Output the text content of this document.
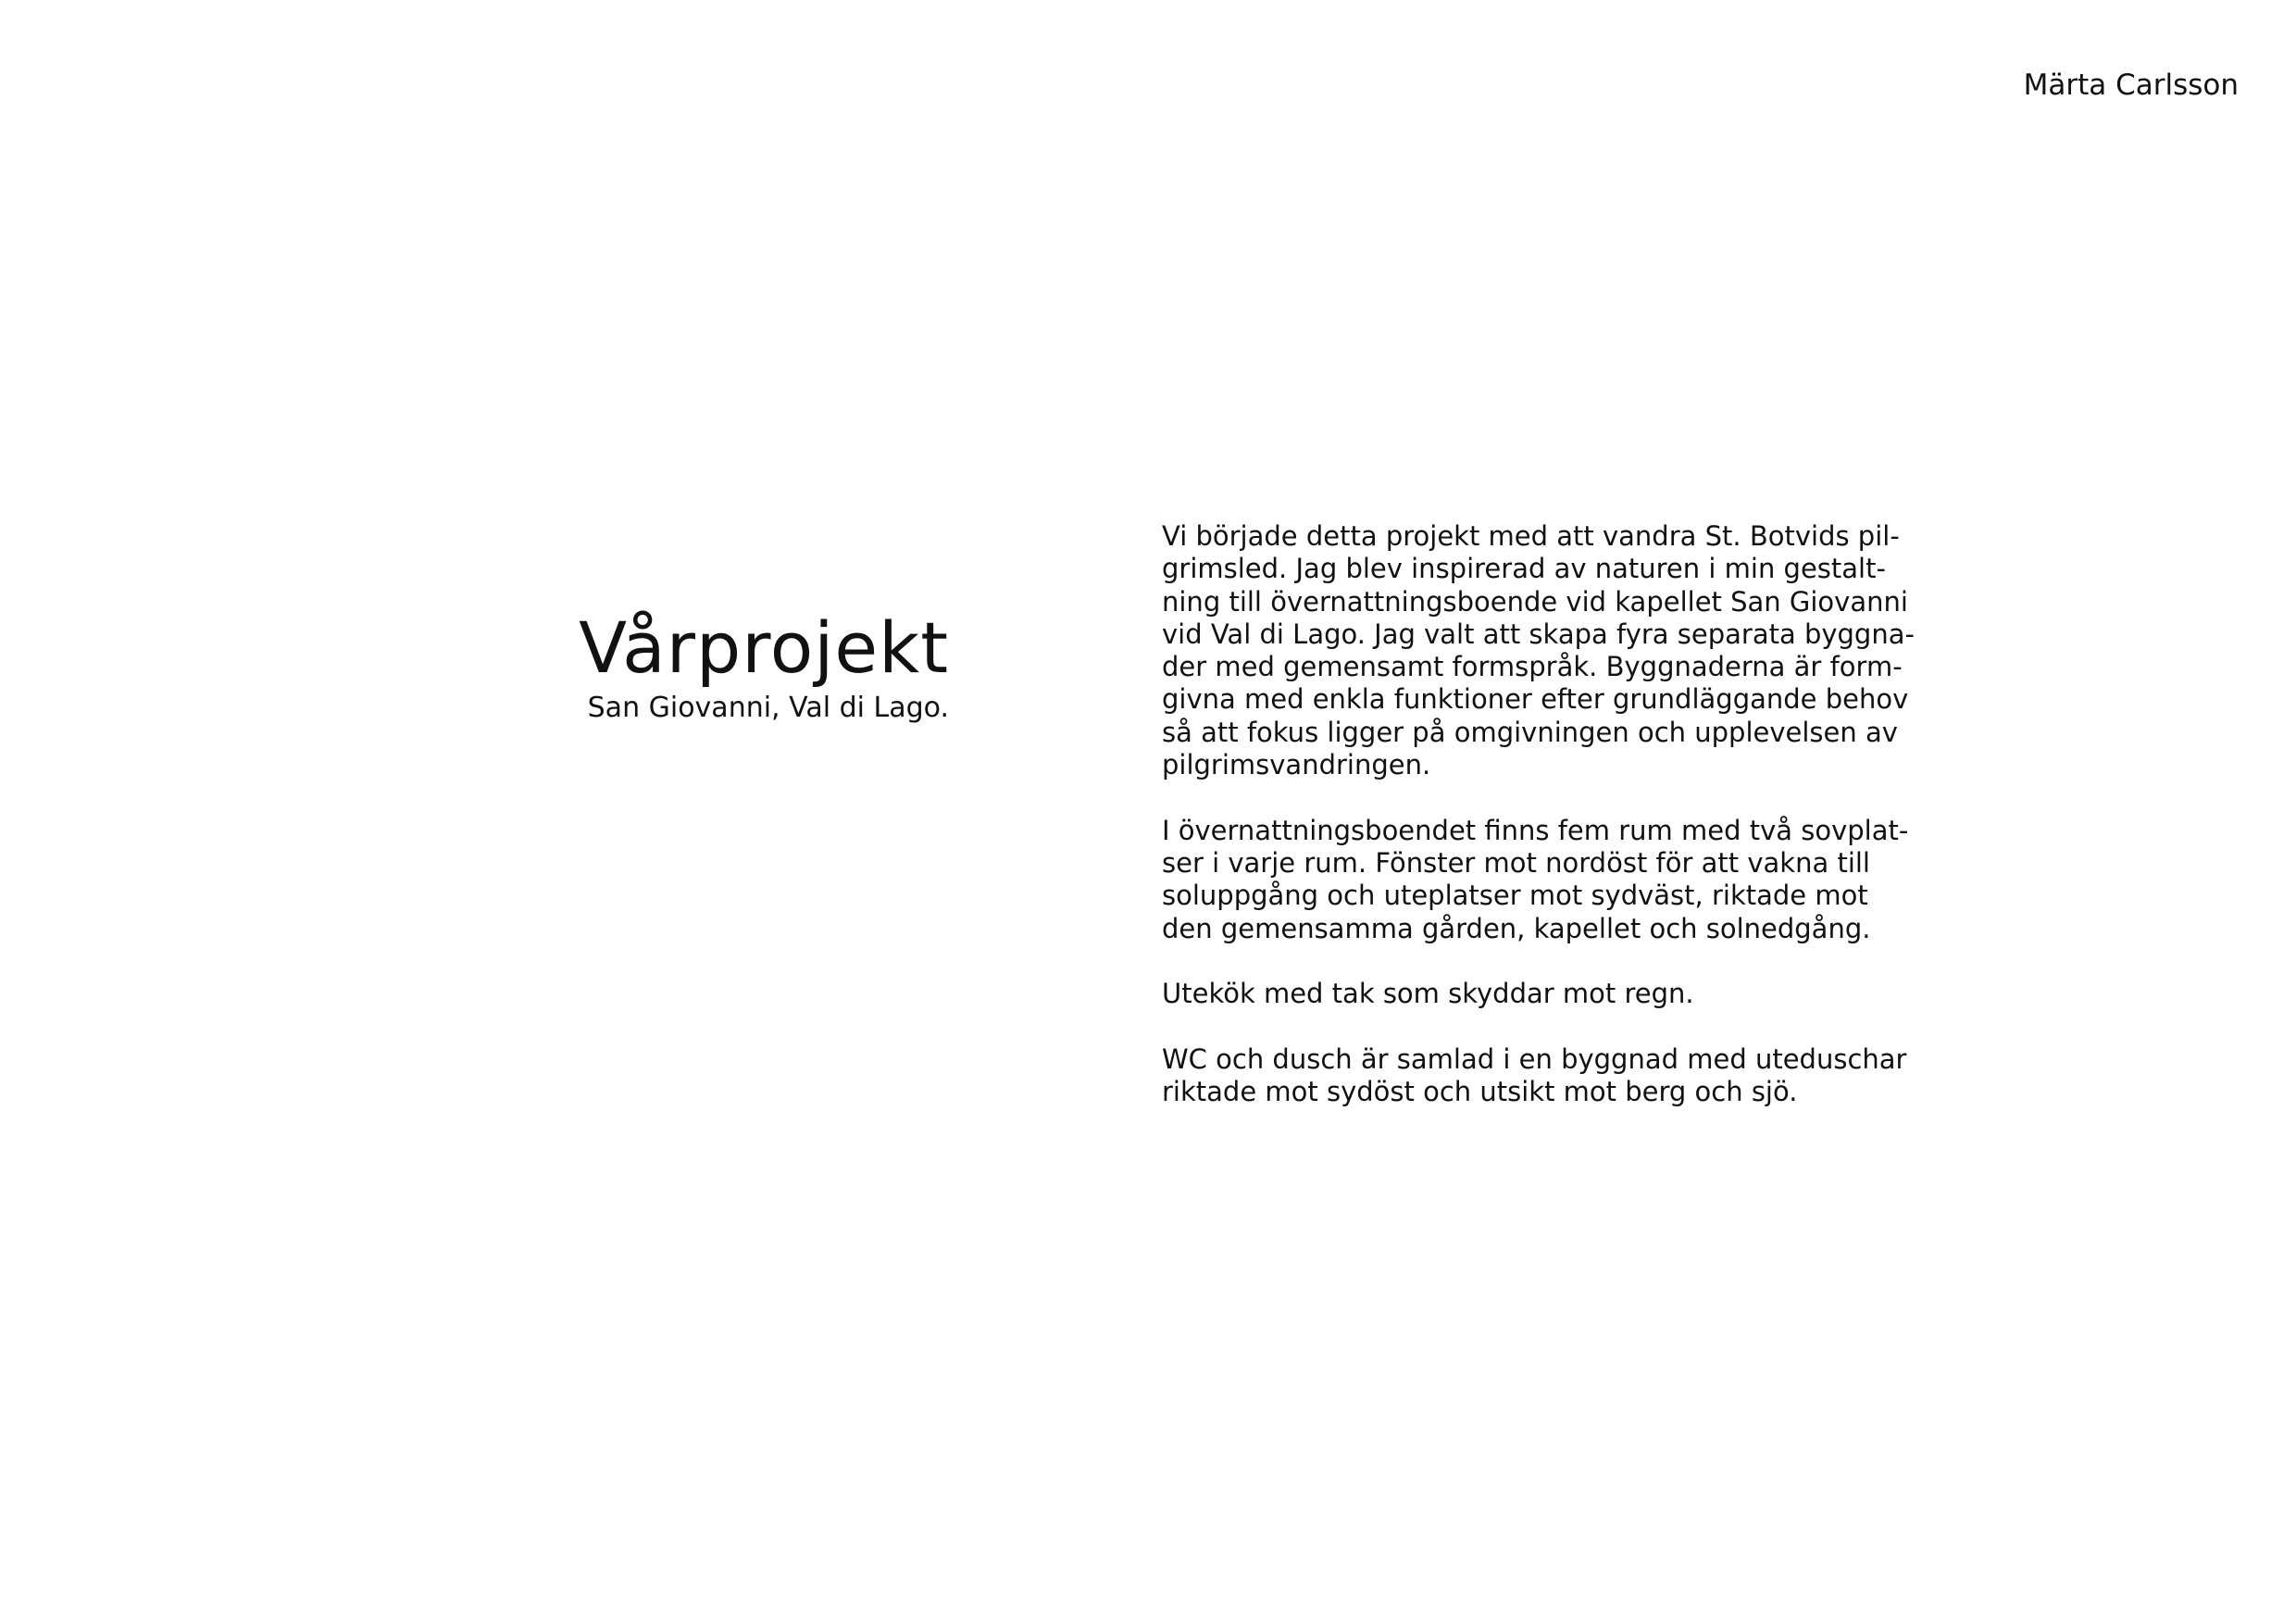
Märta Carlsson
Vårprojekt

San Giovanni, Val di Lago.

Vi började detta projekt med att vandra St. Botvids pil-
grimsled. Jag blev inspirerad av naturen i min gestalt-
ning till övernattningsboende vid kapellet San Giovanni
vid Val di Lago. Jag valt att skapa fyra separata byggna-
der med gemensamt formspråk. Byggnaderna är form-
givna med enkla funktioner efter grundläggande behov
så att fokus ligger på omgivningen och upplevelsen av
pilgrimsvandringen.

I övernattningsboendet finns fem rum med två sovplat-
ser i varje rum. Fönster mot nordöst för att vakna till
soluppgång och uteplatser mot sydväst, riktade mot
den gemensamma gården, kapellet och solnedgång.

Utekök med tak som skyddar mot regn.

WC och dusch är samlad i en byggnad med uteduschar
riktade mot sydöst och utsikt mot berg och sjö.
